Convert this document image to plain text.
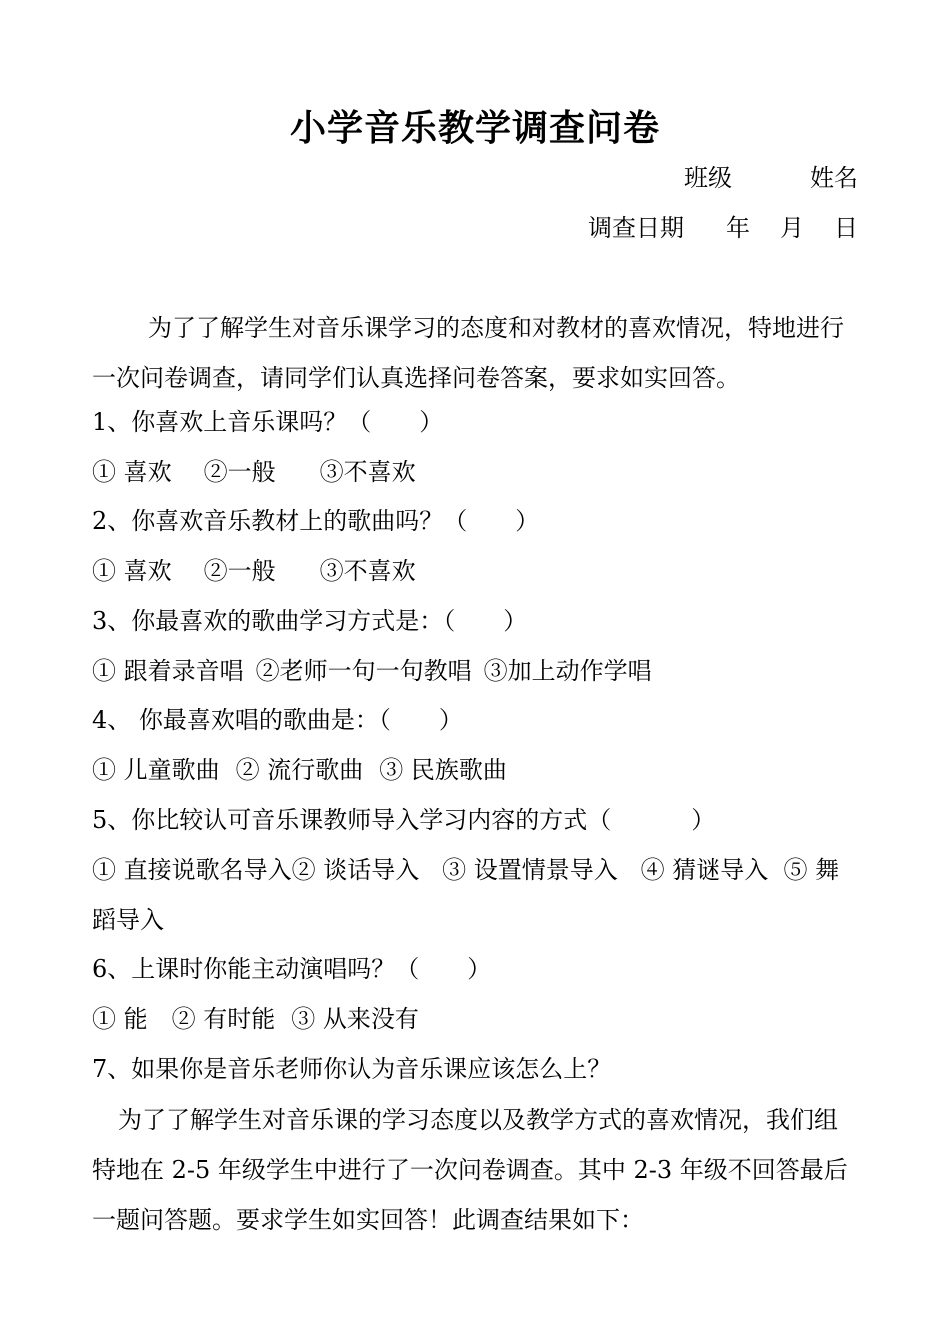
小学音乐教学调查问卷
班级	姓名
调查日期 年 月 日
为了了解学生对音乐课学习的态度和对教材的喜欢情况，特地进行一次问卷调查，请同学们认真选择问卷答案，要求如实回答。
1、你喜欢上音乐课吗？（ ）
① 喜欢 ②一般 ③不喜欢
2、你喜欢音乐教材上的歌曲吗？（ ）
① 喜欢 ②一般 ③不喜欢
3、你最喜欢的歌曲学习方式是：（ ）
① 跟着录音唱 ②老师一句一句教唱 ③加上动作学唱
4、 你最喜欢唱的歌曲是：（ ）
① 儿童歌曲 ② 流行歌曲 ③ 民族歌曲
5、你比较认可音乐课教师导入学习内容的方式（	）
① 直接说歌名导入② 谈话导入   ③ 设置情景导入   ④ 猜谜导入  ⑤ 舞蹈导入
6、上课时你能主动演唱吗？（ ）
① 能 ② 有时能 ③ 从来没有
7、如果你是音乐老师你认为音乐课应该怎么上？
为了了解学生对音乐课的学习态度以及教学方式的喜欢情况，我们组特地在 2-5 年级学生中进行了一次问卷调查。其中 2-3 年级不回答最后一题问答题。要求学生如实回答！此调查结果如下：
